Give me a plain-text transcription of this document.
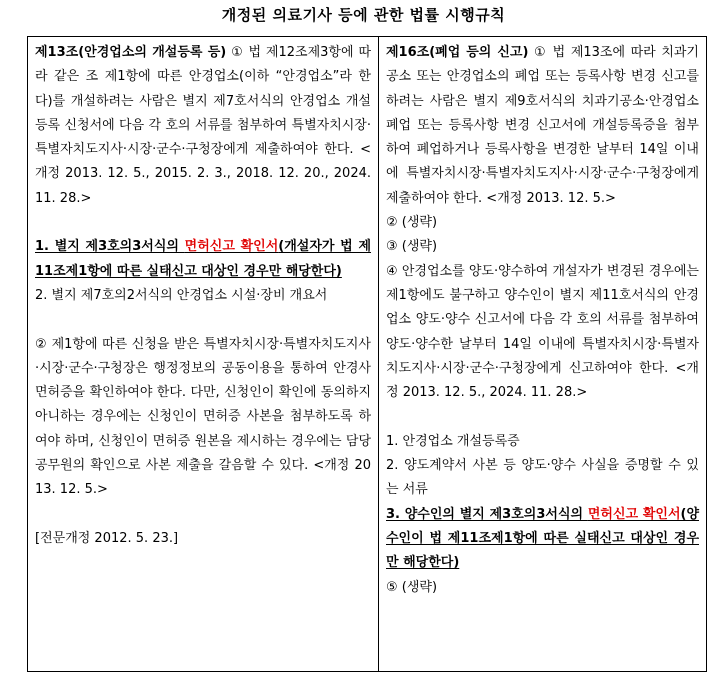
개정된 의료기사 등에 관한 법률 시행규칙

제13조(안경업소의 개설등록 등) ① 법 제12조제3항에 따라 같은 조 제1항에 따른 안경업소(이하 “안경업소”라 한다)를 개설하려는 사람은 별지 제7호서식의 안경업소 개설등록 신청서에 다음 각 호의 서류를 첨부하여 특별자치시장·특별자치도지사·시장·군수·구청장에게 제출하여야 한다. <개정 2013. 12. 5., 2015. 2. 3., 2018. 12. 20., 2024. 11. 28.>

1. 별지 제3호의3서식의 면허신고 확인서(개설자가 법 제11조제1항에 따른 실태신고 대상인 경우만 해당한다)

2. 별지 제7호의2서식의 안경업소 시설·장비 개요서

② 제1항에 따른 신청을 받은 특별자치시장·특별자치도지사·시장·군수·구청장은 행정정보의 공동이용을 통하여 안경사 면허증을 확인하여야 한다. 다만, 신청인이 확인에 동의하지 아니하는 경우에는 신청인이 면허증 사본을 첨부하도록 하여야 하며, 신청인이 면허증 원본을 제시하는 경우에는 담당공무원의 확인으로 사본 제출을 갈음할 수 있다. <개정 2013. 12. 5.>

[전문개정 2012. 5. 23.]

제16조(폐업 등의 신고) ① 법 제13조에 따라 치과기공소 또는 안경업소의 폐업 또는 등록사항 변경 신고를 하려는 사람은 별지 제9호서식의 치과기공소·안경업소 폐업 또는 등록사항 변경 신고서에 개설등록증을 첨부하여 폐업하거나 등록사항을 변경한 날부터 14일 이내에 특별자치시장·특별자치도지사·시장·군수·구청장에게 제출하여야 한다. <개정 2013. 12. 5.>

② (생략)

③ (생략)

④ 안경업소를 양도·양수하여 개설자가 변경된 경우에는 제1항에도 불구하고 양수인이 별지 제11호서식의 안경업소 양도·양수 신고서에 다음 각 호의 서류를 첨부하여 양도·양수한 날부터 14일 이내에 특별자치시장·특별자치도지사·시장·군수·구청장에게 신고하여야 한다. <개정 2013. 12. 5., 2024. 11. 28.>

1. 안경업소 개설등록증

2. 양도계약서 사본 등 양도·양수 사실을 증명할 수 있는 서류

3. 양수인의 별지 제3호의3서식의 면허신고 확인서(양수인이 법 제11조제1항에 따른 실태신고 대상인 경우만 해당한다)

⑤ (생략)
